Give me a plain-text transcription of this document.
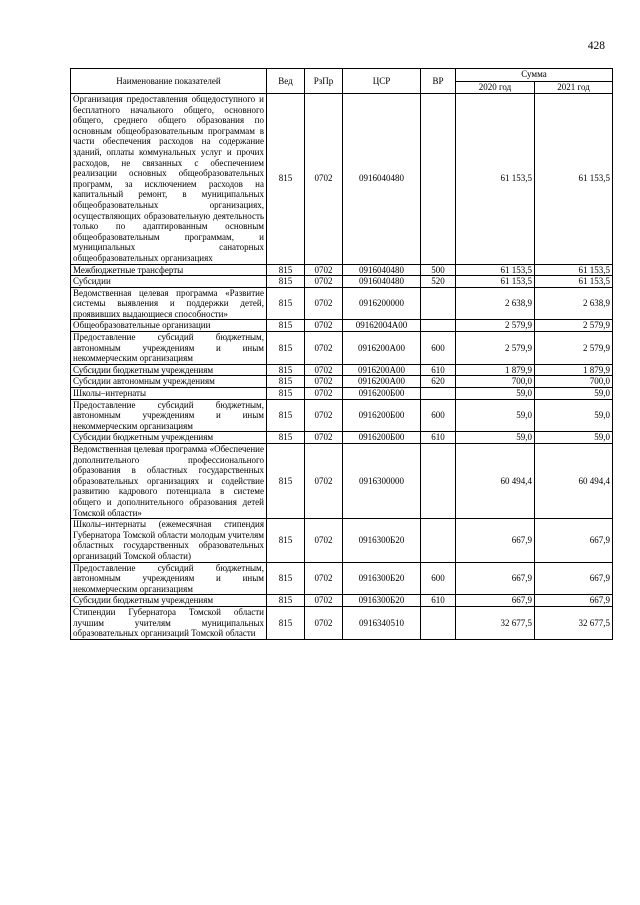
428
Наименование показателей	Вед	РзПр	ЦСР	ВР	Сумма	
					2020 год	2021 год
Организация предоставления общедоступного и бесплатного начального общего, основного общего, среднего общего образования по основным общеобразовательным программам в части обеспечения расходов на содержание зданий, оплаты коммунальных услуг и прочих расходов, не связанных с обеспечением реализации основных общеобразовательных программ, за исключением расходов на капитальный ремонт, в муниципальных общеобразовательных организациях, осуществляющих образовательную деятельность только по адаптированным основным общеобразовательным программам, и муниципальных санаторных общеобразовательных организациях	815	0702	0916040480		61 153,5	61 153,5
Межбюджетные трансферты	815	0702	0916040480	500	61 153,5	61 153,5
Субсидии	815	0702	0916040480	520	61 153,5	61 153,5
Ведомственная целевая программа «Развитие системы выявления и поддержки детей, проявивших выдающиеся способности»	815	0702	0916200000		2 638,9	2 638,9
Общеобразовательные организации	815	0702	09162004А00		2 579,9	2 579,9
Предоставление субсидий бюджетным, автономным учреждениям и иным некоммерческим организациям	815	0702	0916200А00	600	2 579,9	2 579,9
Субсидии бюджетным учреждениям	815	0702	0916200А00	610	1 879,9	1 879,9
Субсидии автономным учреждениям	815	0702	0916200А00	620	700,0	700,0
Школы–интернаты	815	0702	0916200Б00		59,0	59,0
Предоставление субсидий бюджетным, автономным учреждениям и иным некоммерческим организациям	815	0702	0916200Б00	600	59,0	59,0
Субсидии бюджетным учреждениям	815	0702	0916200Б00	610	59,0	59,0
Ведомственная целевая программа «Обеспечение дополнительного профессионального образования в областных государственных образовательных организациях и содействие развитию кадрового потенциала в системе общего и дополнительного образования детей Томской области»	815	0702	0916300000		60 494,4	60 494,4
Школы–интернаты (ежемесячная стипендия Губернатора Томской области молодым учителям областных государственных образовательных организаций Томской области)	815	0702	0916300Б20		667,9	667,9
Предоставление субсидий бюджетным, автономным учреждениям и иным некоммерческим организациям	815	0702	0916300Б20	600	667,9	667,9
Субсидии бюджетным учреждениям	815	0702	0916300Б20	610	667,9	667,9
Стипендии Губернатора Томской области лучшим учителям муниципальных образовательных организаций Томской области	815	0702	0916340510		32 677,5	32 677,5
